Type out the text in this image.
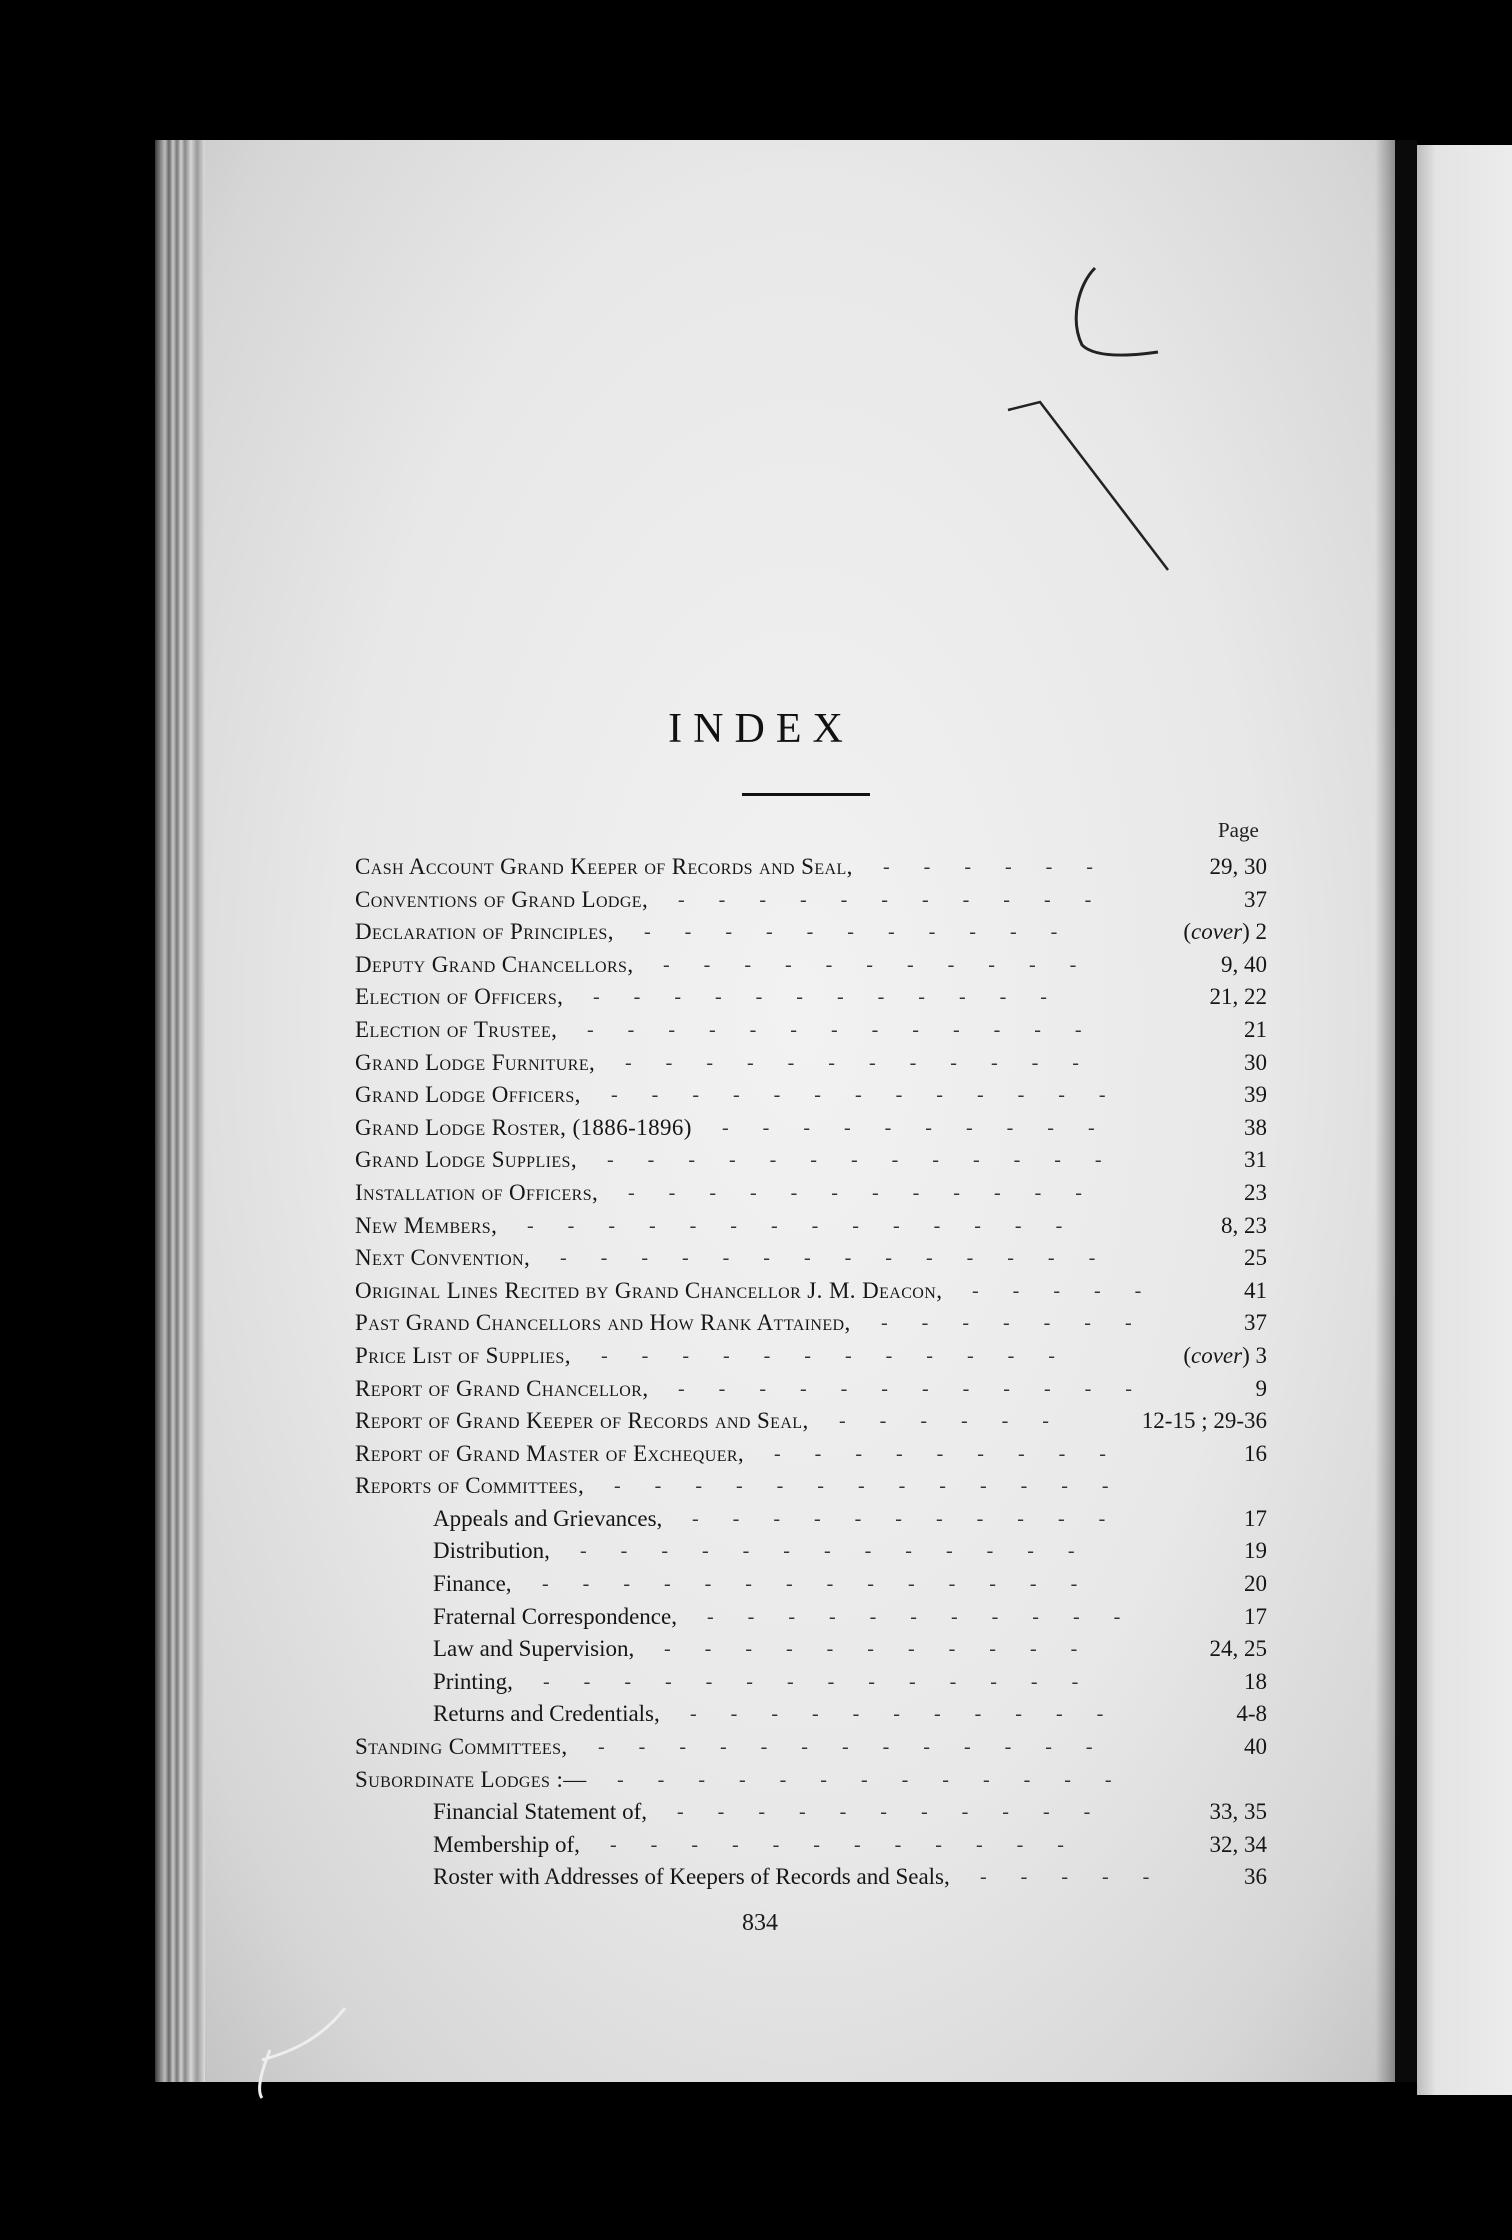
INDEX
Page
Cash Account Grand Keeper of Records and Seal,	29, 30
------
Conventions of Grand Lodge,	37
-----------
Declaration of Principles,	(cover) 2
-----------
Deputy Grand Chancellors,	9, 40
-----------
Election of Officers,	21, 22
------------
Election of Trustee,	21
-------------
Grand Lodge Furniture,	30
------------
Grand Lodge Officers,	39
-------------
Grand Lodge Roster, (1886-1896)	38
----------
Grand Lodge Supplies,	31
-------------
Installation of Officers,	23
------------
New Members,	8, 23
--------------
Next Convention,	25
--------------
Original Lines Recited by Grand Chancellor J. M. Deacon,	41
-----
Past Grand Chancellors and How Rank Attained,	37
-------
Price List of Supplies,	(cover) 3
------------
Report of Grand Chancellor,	9
------------
Report of Grand Keeper of Records and Seal,	12-15 ; 29-36
------
Report of Grand Master of Exchequer,	16
---------
Reports of Committees, -------------
Appeals and Grievances,	17
-----------
Distribution,	19
-------------
Finance,	20
--------------
Fraternal Correspondence,	17
-----------
Law and Supervision,	24, 25
-----------
Printing,	18
--------------
Returns and Credentials,	4-8
-----------
Standing Committees,	40
-------------
Subordinate Lodges :— -------------
Financial Statement of,	33, 35
-----------
Membership of,	32, 34
------------
Roster with Addresses of Keepers of Records and Seals,	36
-----
834
